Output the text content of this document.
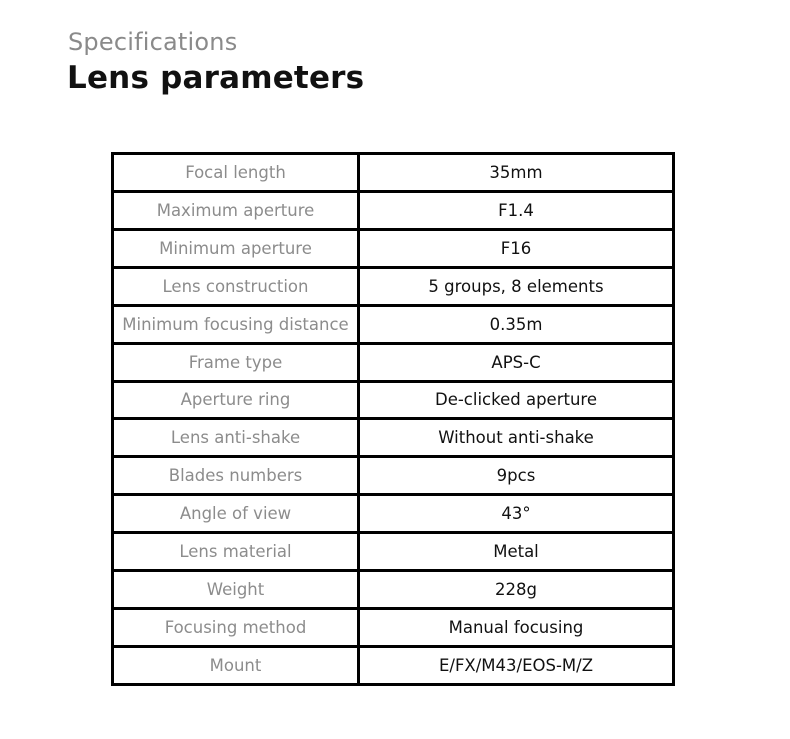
Specifications
Lens parameters
Focal length	35mm
Maximum aperture	F1.4
Minimum aperture	F16
Lens construction	5 groups, 8 elements
Minimum focusing distance	0.35m
Frame type	APS-C
Aperture ring	De-clicked aperture
Lens anti-shake	Without anti-shake
Blades numbers	9pcs
Angle of view	43°
Lens material	Metal
Weight	228g
Focusing method	Manual focusing
Mount	E/FX/M43/EOS-M/Z
